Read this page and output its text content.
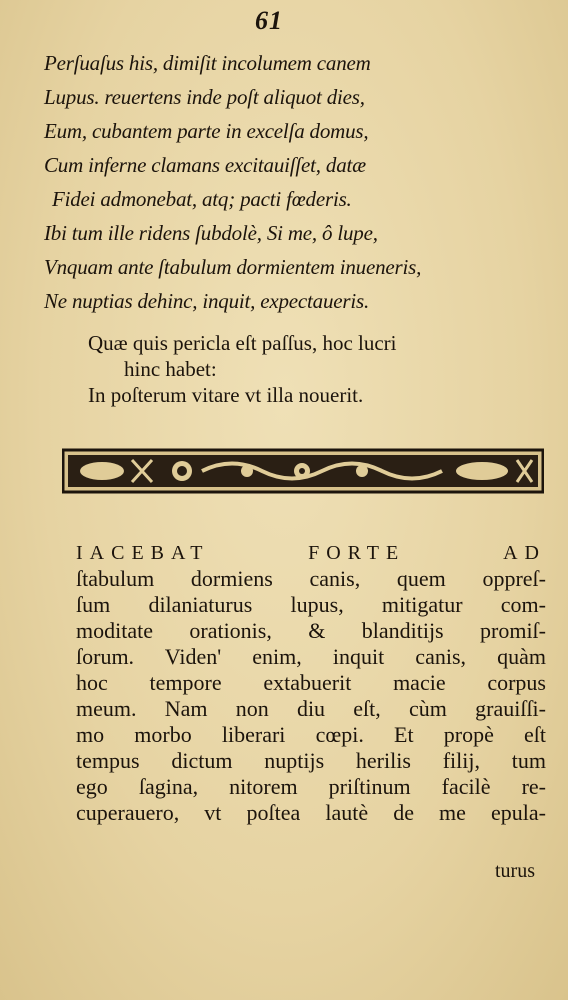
61
Perſuaſus his, dimiſit incolumem canem
Lupus. reuertens inde poſt aliquot dies,
Eum, cubantem parte in excelſa domus,
Cum inferne clamans excitauiſſet, datæ
Fidei admonebat, atq; pacti fœderis.
Ibi tum ille ridens ſubdolè, Si me, ô lupe,
Vnquam ante ſtabulum dormientem inueneris,
Ne nuptias dehinc, inquit, expectaueris.
Quæ quis pericla eſt paſſus, hoc lucri
hinc habet:
In poſterum vitare vt illa nouerit.
IACEBAT FORTE AD
ſtabulum dormiens canis, quem oppreſ-
ſum dilaniaturus lupus, mitigatur com-
moditate orationis, & blanditijs promiſ-
ſorum. Viden' enim, inquit canis, quàm
hoc tempore extabuerit macie corpus
meum. Nam non diu eſt, cùm grauiſſi-
mo morbo liberari cœpi. Et propè eſt
tempus dictum nuptijs herilis filij, tum
ego ſagina, nitorem priſtinum facilè re-
cuperauero, vt poſtea lautè de me epula-
turus
